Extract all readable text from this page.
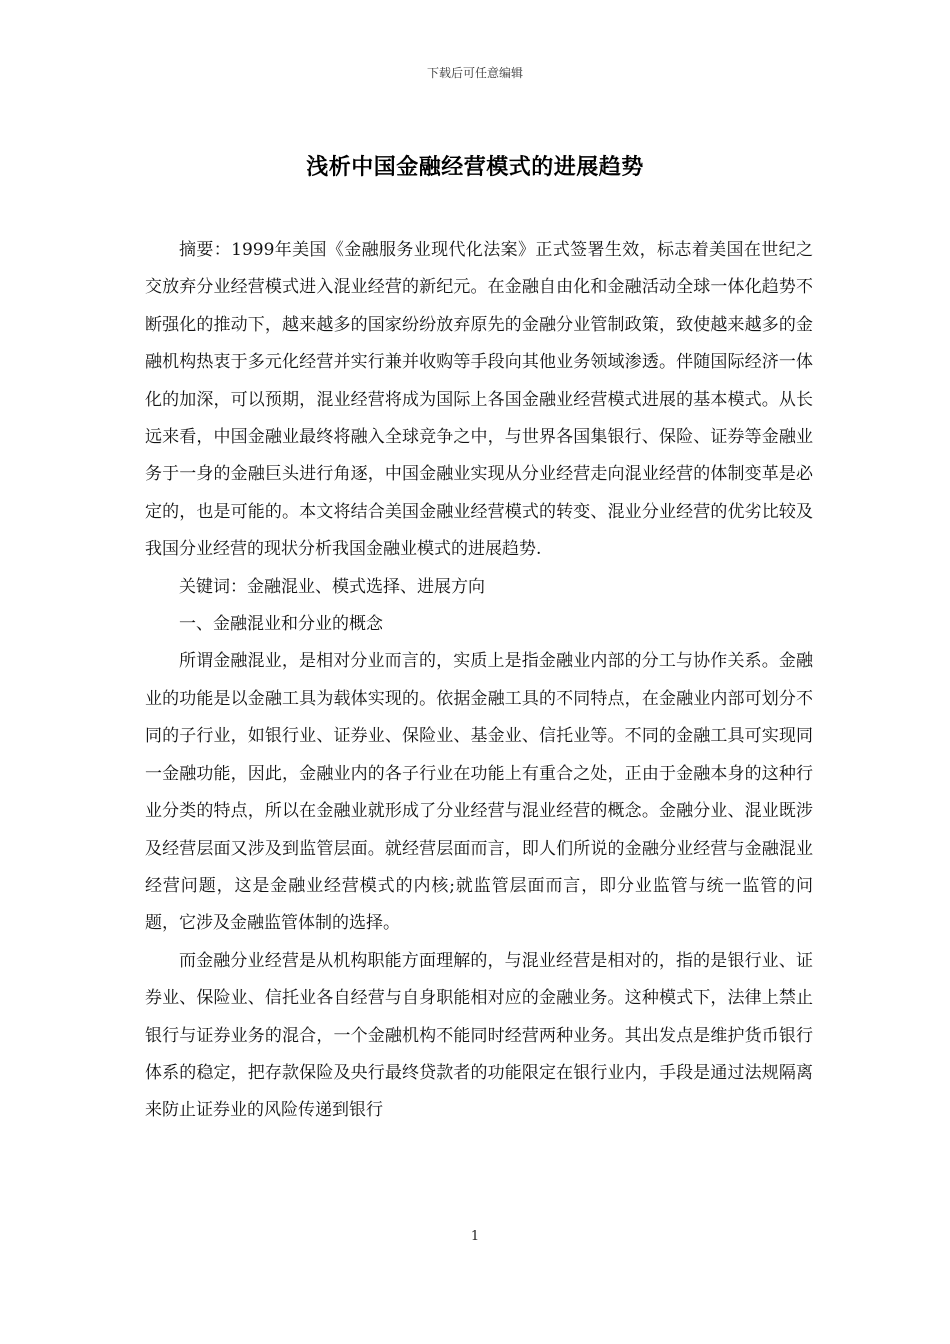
下载后可任意编辑
浅析中国金融经营模式的进展趋势

摘要：1999年美国《金融服务业现代化法案》正式签署生效，标志着美国在世纪之交放弃分业经营模式进入混业经营的新纪元。在金融自由化和金融活动全球一体化趋势不断强化的推动下，越来越多的国家纷纷放弃原先的金融分业管制政策，致使越来越多的金融机构热衷于多元化经营并实行兼并收购等手段向其他业务领域渗透。伴随国际经济一体化的加深，可以预期，混业经营将成为国际上各国金融业经营模式进展的基本模式。从长远来看，中国金融业最终将融入全球竞争之中，与世界各国集银行、保险、证券等金融业务于一身的金融巨头进行角逐，中国金融业实现从分业经营走向混业经营的体制变革是必定的，也是可能的。本文将结合美国金融业经营模式的转变、混业分业经营的优劣比较及我国分业经营的现状分析我国金融业模式的进展趋势.

关键词：金融混业、模式选择、进展方向

一、金融混业和分业的概念

所谓金融混业，是相对分业而言的，实质上是指金融业内部的分工与协作关系。金融业的功能是以金融工具为载体实现的。依据金融工具的不同特点，在金融业内部可划分不同的子行业，如银行业、证券业、保险业、基金业、信托业等。不同的金融工具可实现同一金融功能，因此，金融业内的各子行业在功能上有重合之处，正由于金融本身的这种行业分类的特点，所以在金融业就形成了分业经营与混业经营的概念。金融分业、混业既涉及经营层面又涉及到监管层面。就经营层面而言，即人们所说的金融分业经营与金融混业经营问题，这是金融业经营模式的内核;就监管层面而言，即分业监管与统一监管的问题，它涉及金融监管体制的选择。

而金融分业经营是从机构职能方面理解的，与混业经营是相对的，指的是银行业、证券业、保险业、信托业各自经营与自身职能相对应的金融业务。这种模式下，法律上禁止银行与证券业务的混合，一个金融机构不能同时经营两种业务。其出发点是维护货币银行体系的稳定，把存款保险及央行最终贷款者的功能限定在银行业内，手段是通过法规隔离来防止证券业的风险传递到银行

1
